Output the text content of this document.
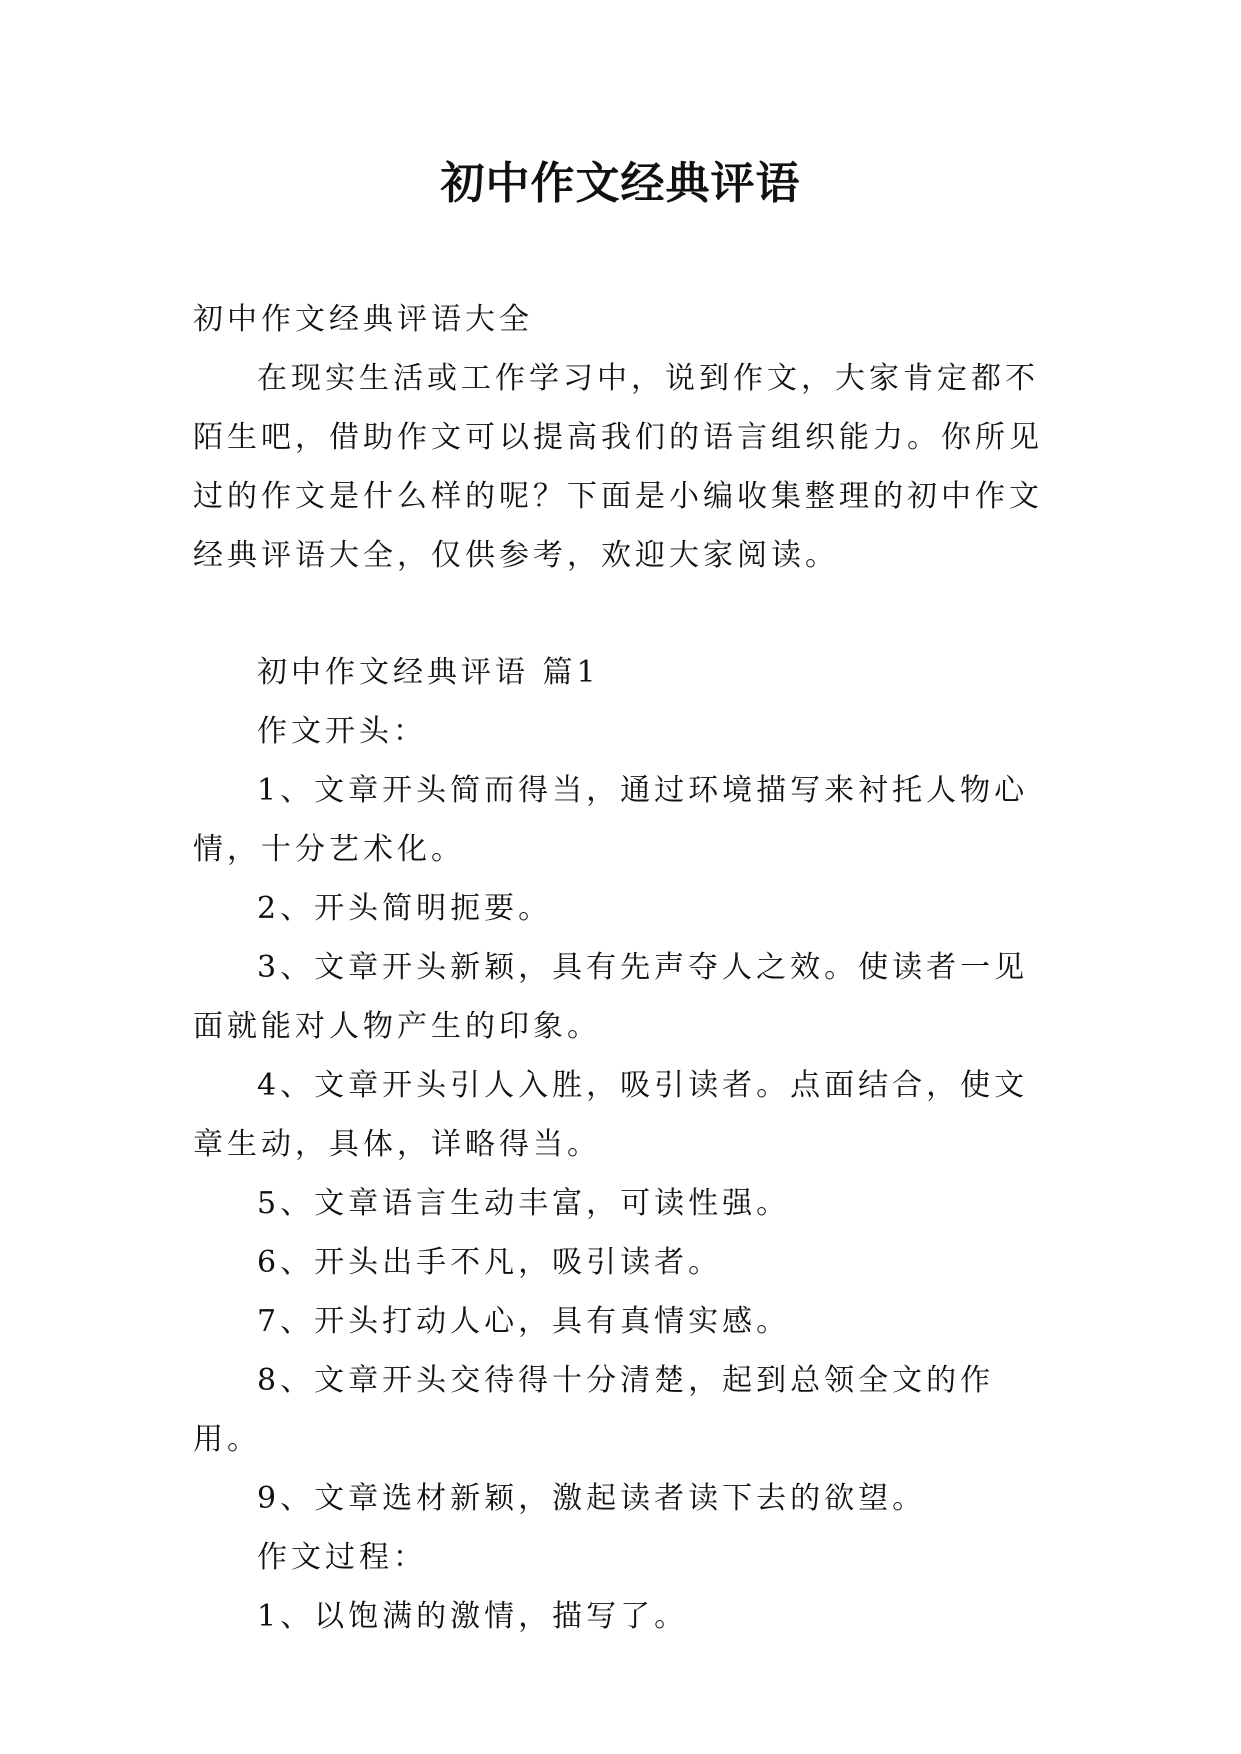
初中作文经典评语

初中作文经典评语大全

在现实生活或工作学习中，说到作文，大家肯定都不陌生吧，借助作文可以提高我们的语言组织能力。你所见过的作文是什么样的呢？下面是小编收集整理的初中作文经典评语大全，仅供参考，欢迎大家阅读。

初中作文经典评语 篇1

作文开头：

1、文章开头简而得当，通过环境描写来衬托人物心情，十分艺术化。

2、开头简明扼要。

3、文章开头新颖，具有先声夺人之效。使读者一见面就能对人物产生的印象。

4、文章开头引人入胜，吸引读者。点面结合，使文章生动，具体，详略得当。

5、文章语言生动丰富，可读性强。

6、开头出手不凡，吸引读者。

7、开头打动人心，具有真情实感。

8、文章开头交待得十分清楚，起到总领全文的作用。

9、文章选材新颖，激起读者读下去的欲望。

作文过程：

1、以饱满的激情，描写了。
